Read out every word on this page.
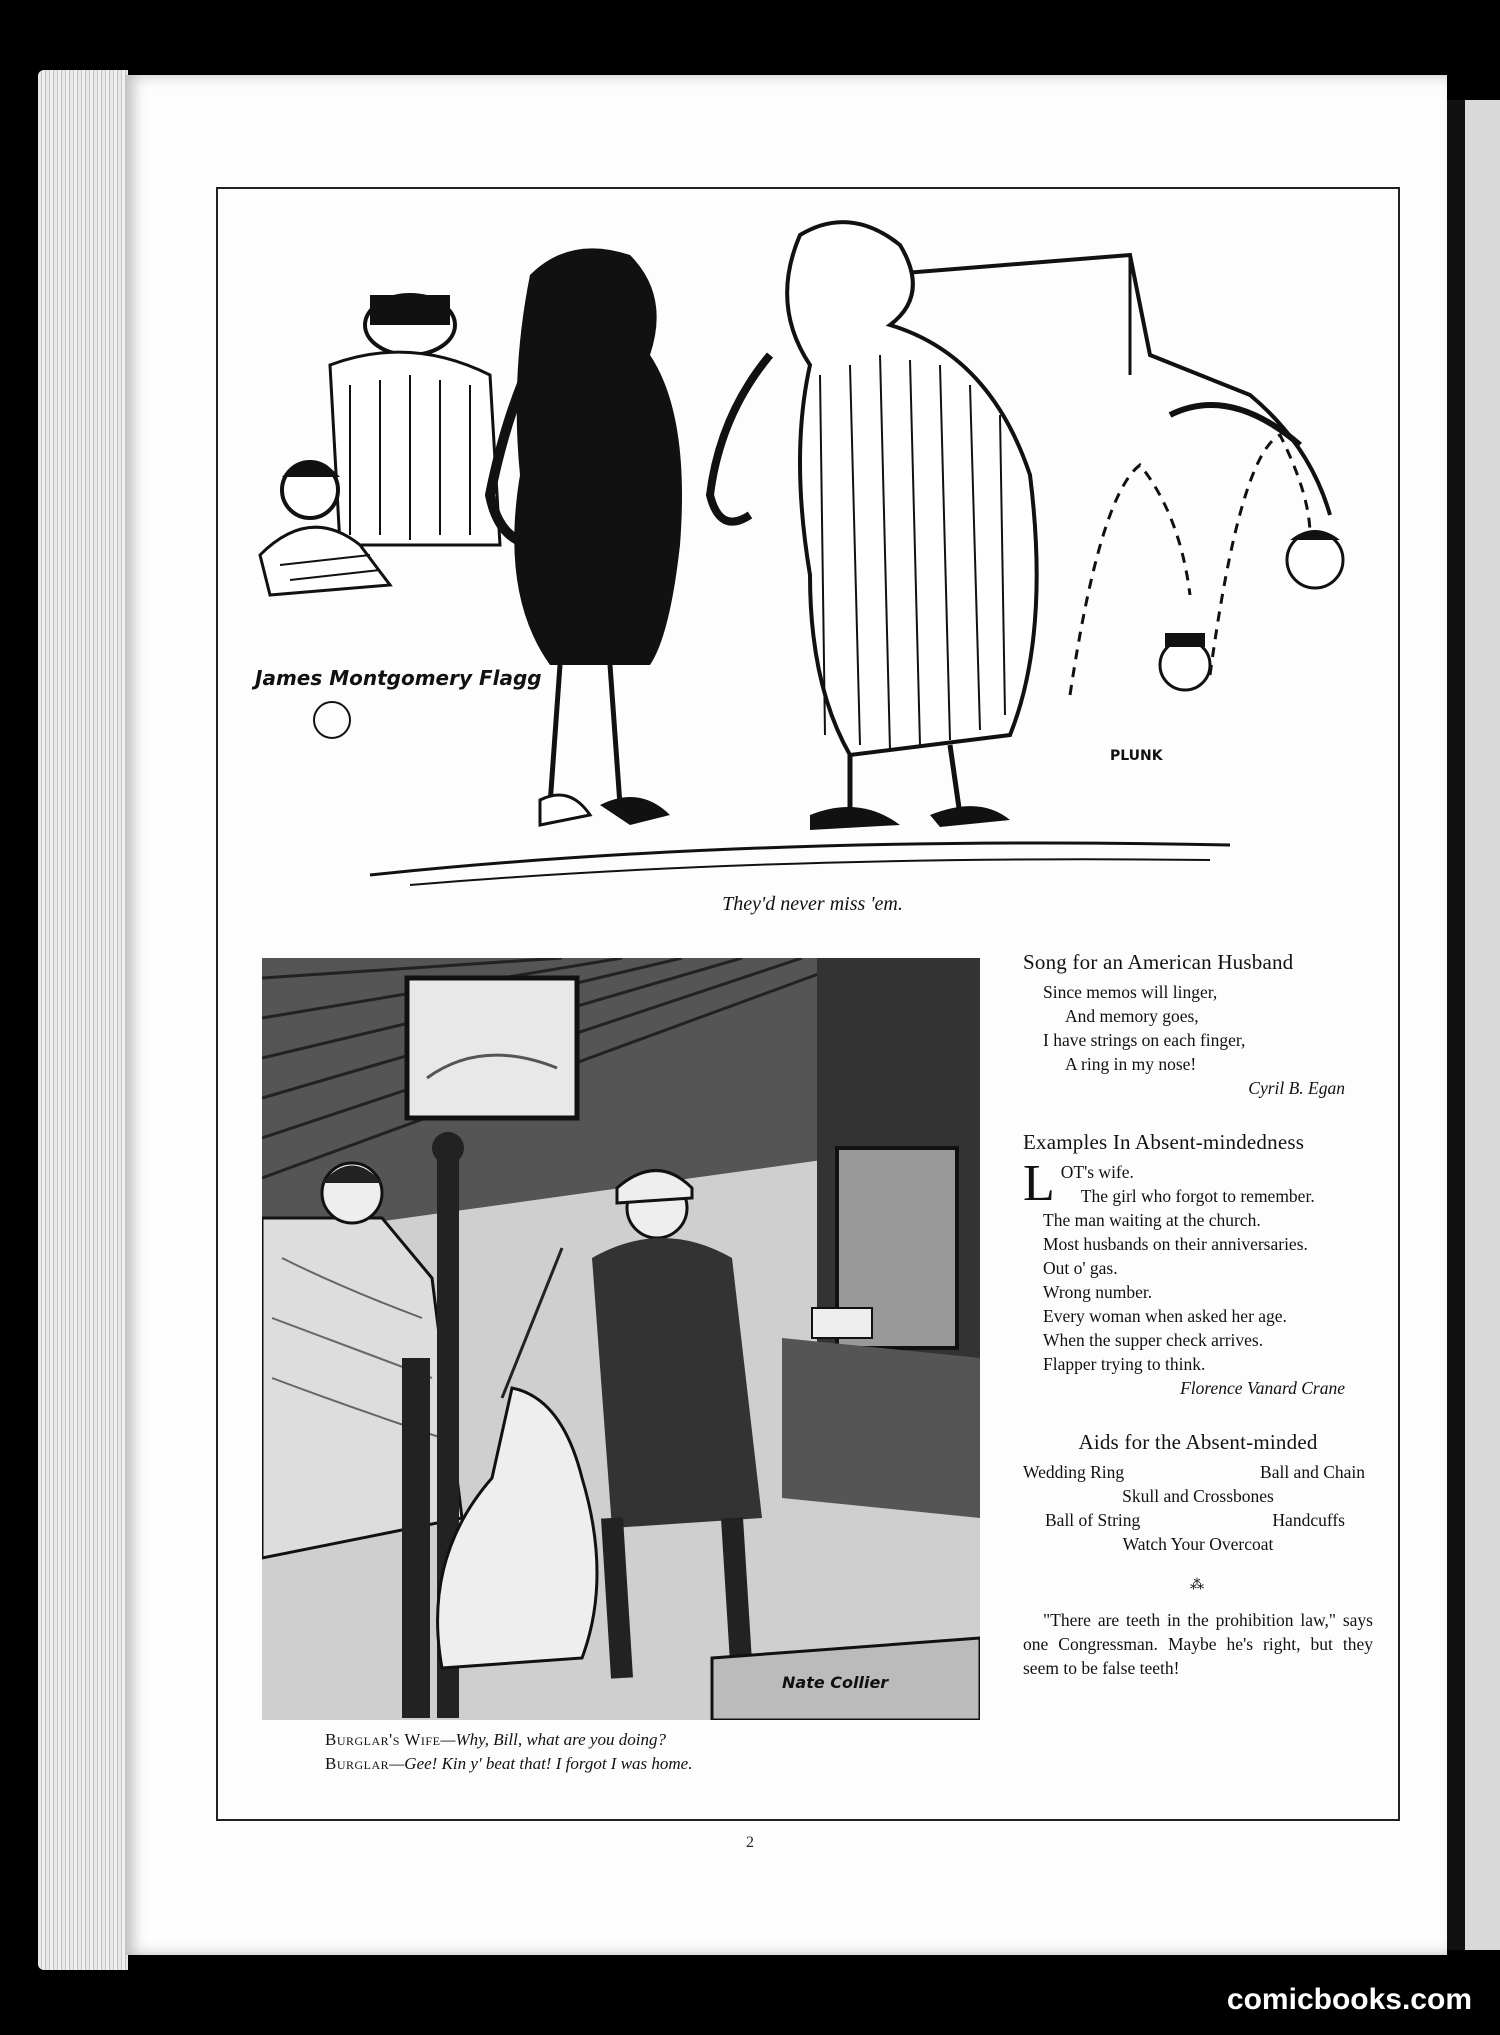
James Montgomery Flagg
PLUNK
They'd never miss 'em.
Nate Collier
Burglar's Wife—Why, Bill, what are you doing?
Burglar—Gee! Kin y' beat that! I forgot I was home.
Song for an American Husband
Since memos will linger,
And memory goes,
I have strings on each finger,
A ring in my nose!
Cyril B. Egan
Examples In Absent-mindedness
L OT's wife.
The girl who forgot to remember.
The man waiting at the church.
Most husbands on their anniversaries.
Out o' gas.
Wrong number.
Every woman when asked her age.
When the supper check arrives.
Flapper trying to think.
Florence Vanard Crane
Aids for the Absent-minded
Wedding Ring	Ball and Chain
Skull and Crossbones
Ball of String	Handcuffs
Watch Your Overcoat
⁂
"There are teeth in the prohibition law," says one Congressman. Maybe he's right, but they seem to be false teeth!
2
comicbooks.com
